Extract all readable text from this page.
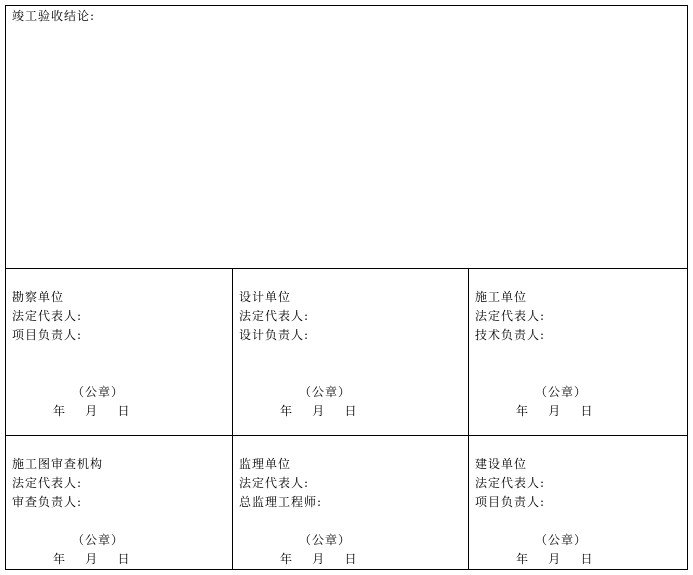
竣工验收结论:
勘察单位
法定代表人:
项目负责人:
（公章）
年    月    日
设计单位
法定代表人:
设计负责人:
（公章）
年    月    日
施工单位
法定代表人:
技术负责人:
（公章）
年    月    日
施工图审查机构
法定代表人:
审查负责人:
（公章）
年    月    日
监理单位
法定代表人:
总监理工程师:
（公章）
年    月    日
建设单位
法定代表人:
项目负责人:
（公章）
年    月    日
